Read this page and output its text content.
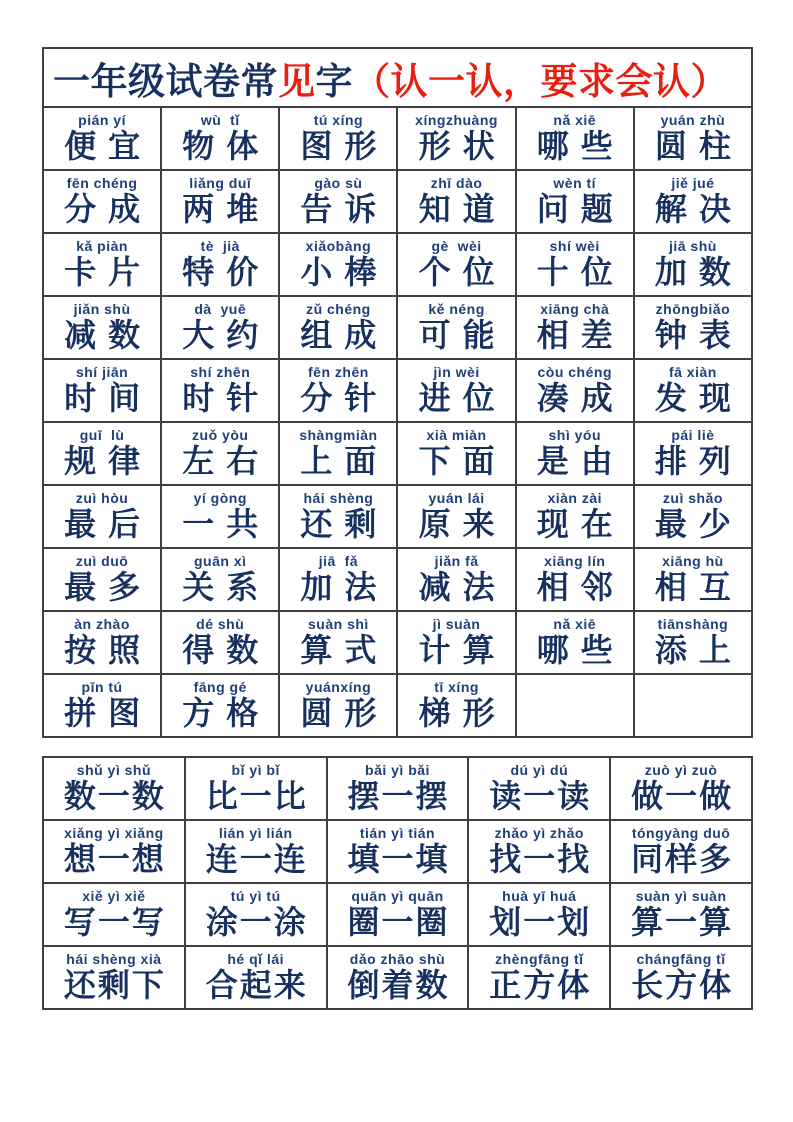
一年级试卷常 见 字 （认一认，要求会认）
pián yí
便宜
wù  tǐ
物体
tú xíng
图形
xíngzhuàng
形状
nǎ xiē
哪些
yuán zhù
圆柱
fēn chéng
分成
liǎng duī
两堆
gào sù
告诉
zhī dào
知道
wèn tí
问题
jiě jué
解决
kǎ piàn
卡片
tè  jià
特价
xiǎobàng
小棒
gè  wèi
个位
shí wèi
十位
jiā shù
加数
jiǎn shù
减数
dà  yuē
大约
zǔ chéng
组成
kě néng
可能
xiāng chà
相差
zhōngbiǎo
钟表
shí jiān
时间
shí zhēn
时针
fēn zhēn
分针
jìn wèi
进位
còu chéng
凑成
fā xiàn
发现
guī  lù
规律
zuǒ yòu
左右
shàngmiàn
上面
xià miàn
下面
shì yóu
是由
pái liè
排列
zuì hòu
最后
yí gòng
一共
hái shèng
还剩
yuán lái
原来
xiàn zài
现在
zuì shǎo
最少
zuì duō
最多
guān xì
关系
jiā  fǎ
加法
jiǎn fǎ
减法
xiāng lín
相邻
xiāng hù
相互
àn zhào
按照
dé shù
得数
suàn shì
算式
jì suàn
计算
nǎ xiē
哪些
tiānshàng
添上
pīn tú
拼图
fāng gé
方格
yuánxíng
圆形
tī xíng
梯形
shǔ yì shǔ
数一数
bǐ yì bǐ
比一比
bǎi yì bǎi
摆一摆
dú yì dú
读一读
zuò yì zuò
做一做
xiǎng yì xiǎng
想一想
lián yì lián
连一连
tián yì tián
填一填
zhǎo yì zhǎo
找一找
tóngyàng duō
同样多
xiě yì xiě
写一写
tú yì tú
涂一涂
quān yì quān
圈一圈
huà yī huá
划一划
suàn yì suàn
算一算
hái shèng xià
还剩下
hé qǐ lái
合起来
dǎo zhāo shù
倒着数
zhèngfāng tǐ
正方体
chángfāng tǐ
长方体
